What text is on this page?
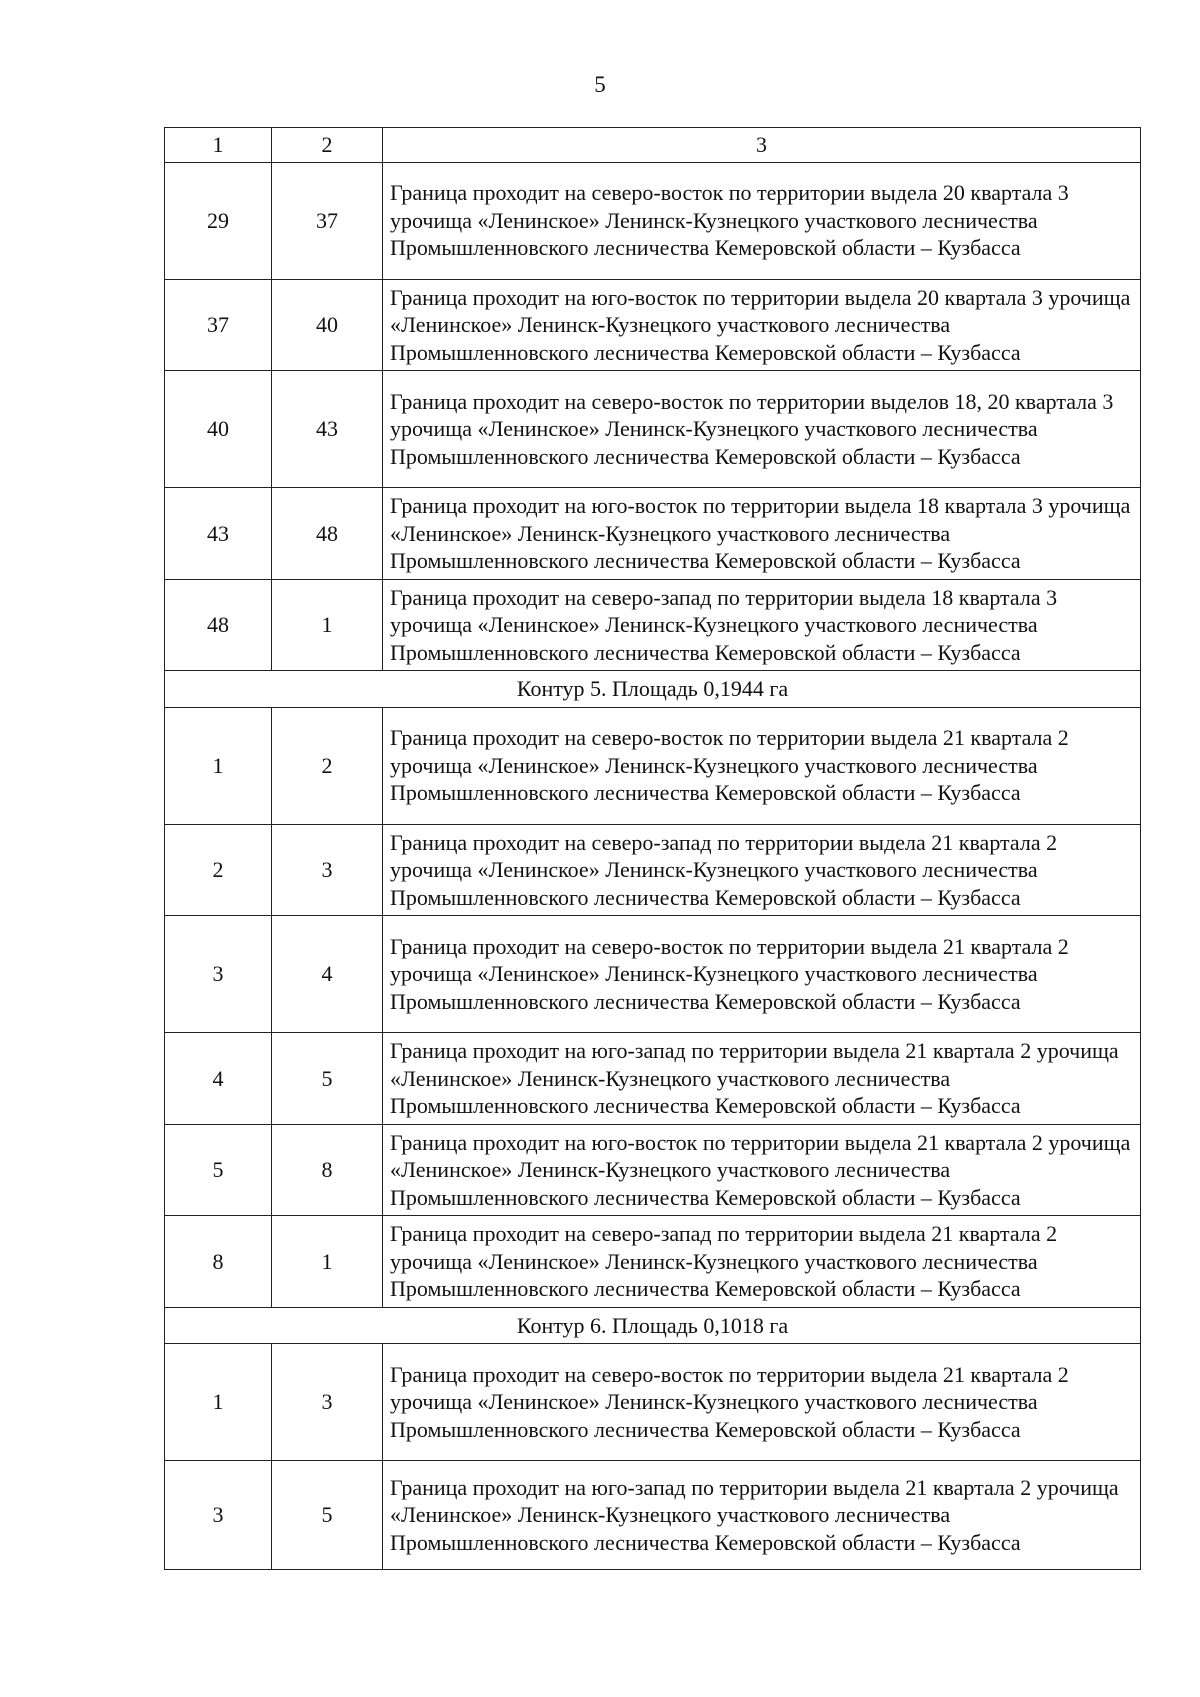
5
1	2	3
29	37	Граница проходит на северо-восток по территории выдела 20 квартала 3 урочища «Ленинское» Ленинск-Кузнецкого участкового лесничества Промышленновского лесничества Кемеровской области – Кузбасса
37	40	Граница проходит на юго-восток по территории выдела 20 квартала 3 урочища «Ленинское» Ленинск-Кузнецкого участкового лесничества Промышленновского лесничества Кемеровской области – Кузбасса
40	43	Граница проходит на северо-восток по территории выделов 18, 20 квартала 3 урочища «Ленинское» Ленинск-Кузнецкого участкового лесничества Промышленновского лесничества Кемеровской области – Кузбасса
43	48	Граница проходит на юго-восток по территории выдела 18 квартала 3 урочища «Ленинское» Ленинск-Кузнецкого участкового лесничества Промышленновского лесничества Кемеровской области – Кузбасса
48	1	Граница проходит на северо-запад по территории выдела 18 квартала 3 урочища «Ленинское» Ленинск-Кузнецкого участкового лесничества Промышленновского лесничества Кемеровской области – Кузбасса
Контур 5. Площадь 0,1944 га		
1	2	Граница проходит на северо-восток по территории выдела 21 квартала 2 урочища «Ленинское» Ленинск-Кузнецкого участкового лесничества Промышленновского лесничества Кемеровской области – Кузбасса
2	3	Граница проходит на северо-запад по территории выдела 21 квартала 2 урочища «Ленинское» Ленинск-Кузнецкого участкового лесничества Промышленновского лесничества Кемеровской области – Кузбасса
3	4	Граница проходит на северо-восток по территории выдела 21 квартала 2 урочища «Ленинское» Ленинск-Кузнецкого участкового лесничества Промышленновского лесничества Кемеровской области – Кузбасса
4	5	Граница проходит на юго-запад по территории выдела 21 квартала 2 урочища «Ленинское» Ленинск-Кузнецкого участкового лесничества Промышленновского лесничества Кемеровской области – Кузбасса
5	8	Граница проходит на юго-восток по территории выдела 21 квартала 2 урочища «Ленинское» Ленинск-Кузнецкого участкового лесничества Промышленновского лесничества Кемеровской области – Кузбасса
8	1	Граница проходит на северо-запад по территории выдела 21 квартала 2 урочища «Ленинское» Ленинск-Кузнецкого участкового лесничества Промышленновского лесничества Кемеровской области – Кузбасса
Контур 6. Площадь 0,1018 га		
1	3	Граница проходит на северо-восток по территории выдела 21 квартала 2 урочища «Ленинское» Ленинск-Кузнецкого участкового лесничества Промышленновского лесничества Кемеровской области – Кузбасса
3	5	Граница проходит на юго-запад по территории выдела 21 квартала 2 урочища «Ленинское» Ленинск-Кузнецкого участкового лесничества Промышленновского лесничества Кемеровской области – Кузбасса
